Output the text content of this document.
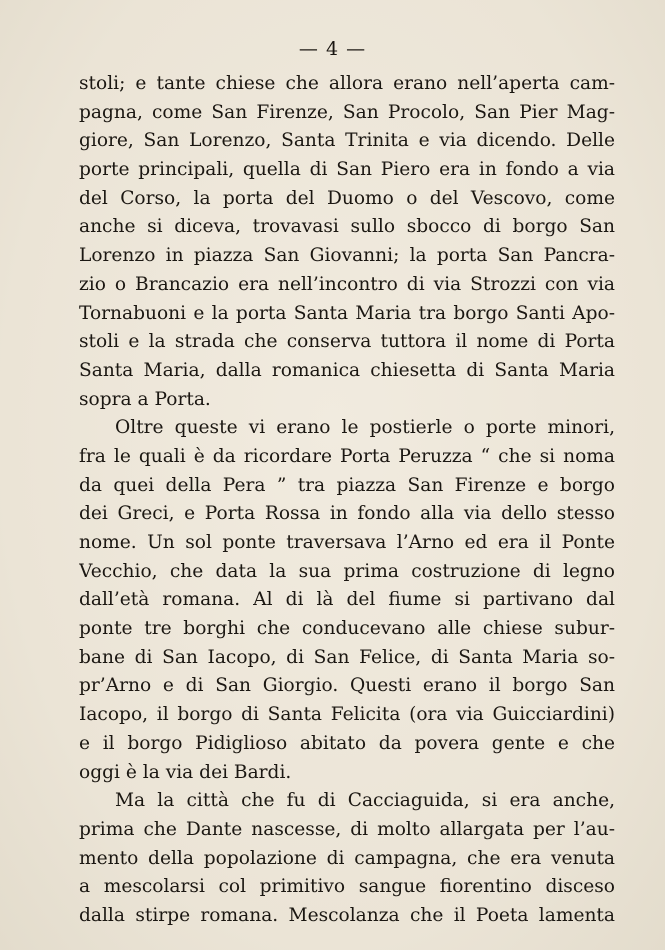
— 4 —
stoli; e tante chiese che allora erano nell’aperta cam-
pagna, come San Firenze, San Procolo, San Pier Mag-
giore, San Lorenzo, Santa Trinita e via dicendo. Delle
porte principali, quella di San Piero era in fondo a via
del Corso, la porta del Duomo o del Vescovo, come
anche si diceva, trovavasi sullo sbocco di borgo San
Lorenzo in piazza San Giovanni; la porta San Pancra-
zio o Brancazio era nell’incontro di via Strozzi con via
Tornabuoni e la porta Santa Maria tra borgo Santi Apo-
stoli e la strada che conserva tuttora il nome di Porta
Santa Maria, dalla romanica chiesetta di Santa Maria
sopra a Porta.
Oltre queste vi erano le postierle o porte minori,
fra le quali è da ricordare Porta Peruzza “ che si noma
da quei della Pera ” tra piazza San Firenze e borgo
dei Greci, e Porta Rossa in fondo alla via dello stesso
nome. Un sol ponte traversava l’Arno ed era il Ponte
Vecchio, che data la sua prima costruzione di legno
dall’età romana. Al di là del fiume si partivano dal
ponte tre borghi che conducevano alle chiese subur-
bane di San Iacopo, di San Felice, di Santa Maria so-
pr’Arno e di San Giorgio. Questi erano il borgo San
Iacopo, il borgo di Santa Felicita (ora via Guicciardini)
e il borgo Pidiglioso abitato da povera gente e che
oggi è la via dei Bardi.
Ma la città che fu di Cacciaguida, si era anche,
prima che Dante nascesse, di molto allargata per l’au-
mento della popolazione di campagna, che era venuta
a mescolarsi col primitivo sangue fiorentino disceso
dalla stirpe romana. Mescolanza che il Poeta lamenta
